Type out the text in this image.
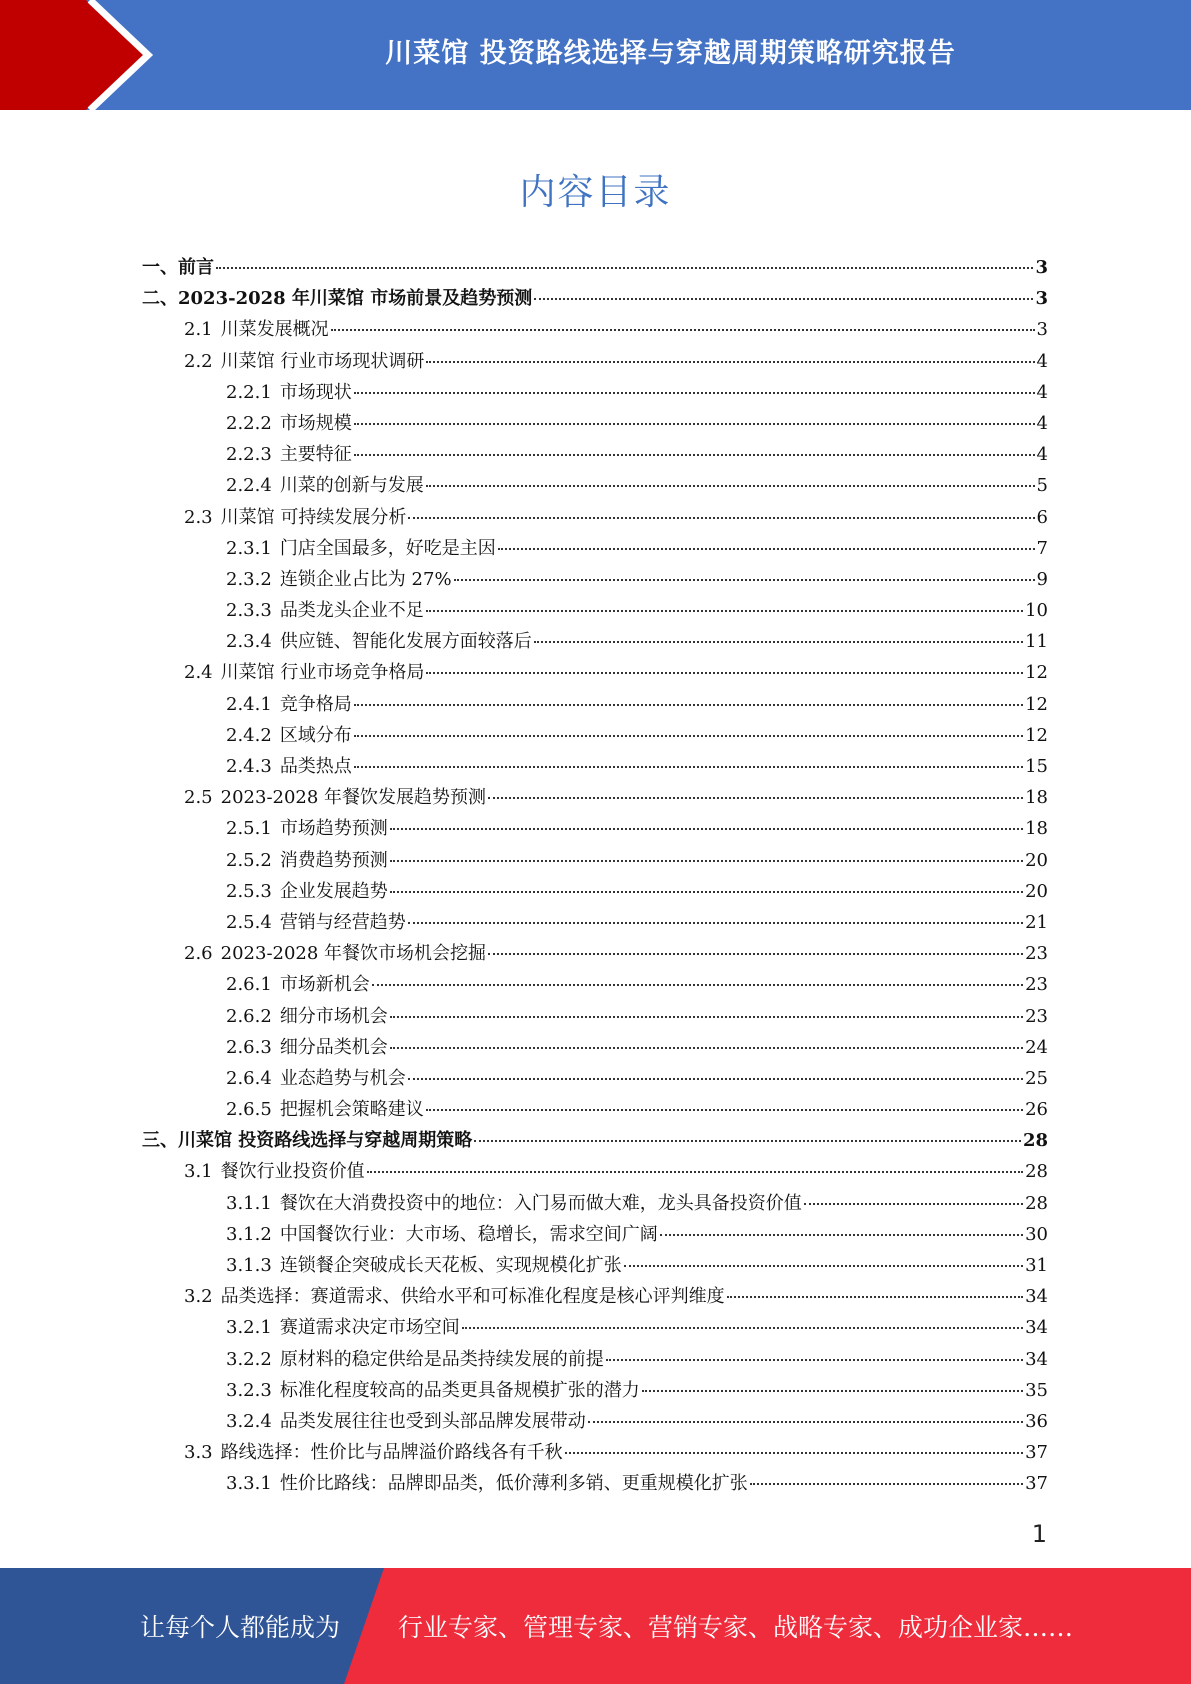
川菜馆 投资路线选择与穿越周期策略研究报告
内容目录
一、前言	3
二、2023-2028 年川菜馆 市场前景及趋势预测	3
2.1 川菜发展概况	3
2.2 川菜馆 行业市场现状调研	4
2.2.1 市场现状	4
2.2.2 市场规模	4
2.2.3 主要特征	4
2.2.4 川菜的创新与发展	5
2.3 川菜馆 可持续发展分析	6
2.3.1 门店全国最多，好吃是主因	7
2.3.2 连锁企业占比为 27%	9
2.3.3 品类龙头企业不足	10
2.3.4 供应链、智能化发展方面较落后	11
2.4 川菜馆 行业市场竞争格局	12
2.4.1 竞争格局	12
2.4.2 区域分布	12
2.4.3 品类热点	15
2.5 2023-2028 年餐饮发展趋势预测	18
2.5.1 市场趋势预测	18
2.5.2 消费趋势预测	20
2.5.3 企业发展趋势	20
2.5.4 营销与经营趋势	21
2.6 2023-2028 年餐饮市场机会挖掘	23
2.6.1 市场新机会	23
2.6.2 细分市场机会	23
2.6.3 细分品类机会	24
2.6.4 业态趋势与机会	25
2.6.5 把握机会策略建议	26
三、川菜馆 投资路线选择与穿越周期策略	28
3.1 餐饮行业投资价值	28
3.1.1 餐饮在大消费投资中的地位：入门易而做大难，龙头具备投资价值	28
3.1.2 中国餐饮行业：大市场、稳增长，需求空间广阔	30
3.1.3 连锁餐企突破成长天花板、实现规模化扩张	31
3.2 品类选择：赛道需求、供给水平和可标准化程度是核心评判维度	34
3.2.1 赛道需求决定市场空间	34
3.2.2 原材料的稳定供给是品类持续发展的前提	34
3.2.3 标准化程度较高的品类更具备规模扩张的潜力	35
3.2.4 品类发展往往也受到头部品牌发展带动	36
3.3 路线选择：性价比与品牌溢价路线各有千秋	37
3.3.1 性价比路线：品牌即品类，低价薄利多销、更重规模化扩张	37
1
让每个人都能成为 行业专家、管理专家、营销专家、战略专家、成功企业家……
